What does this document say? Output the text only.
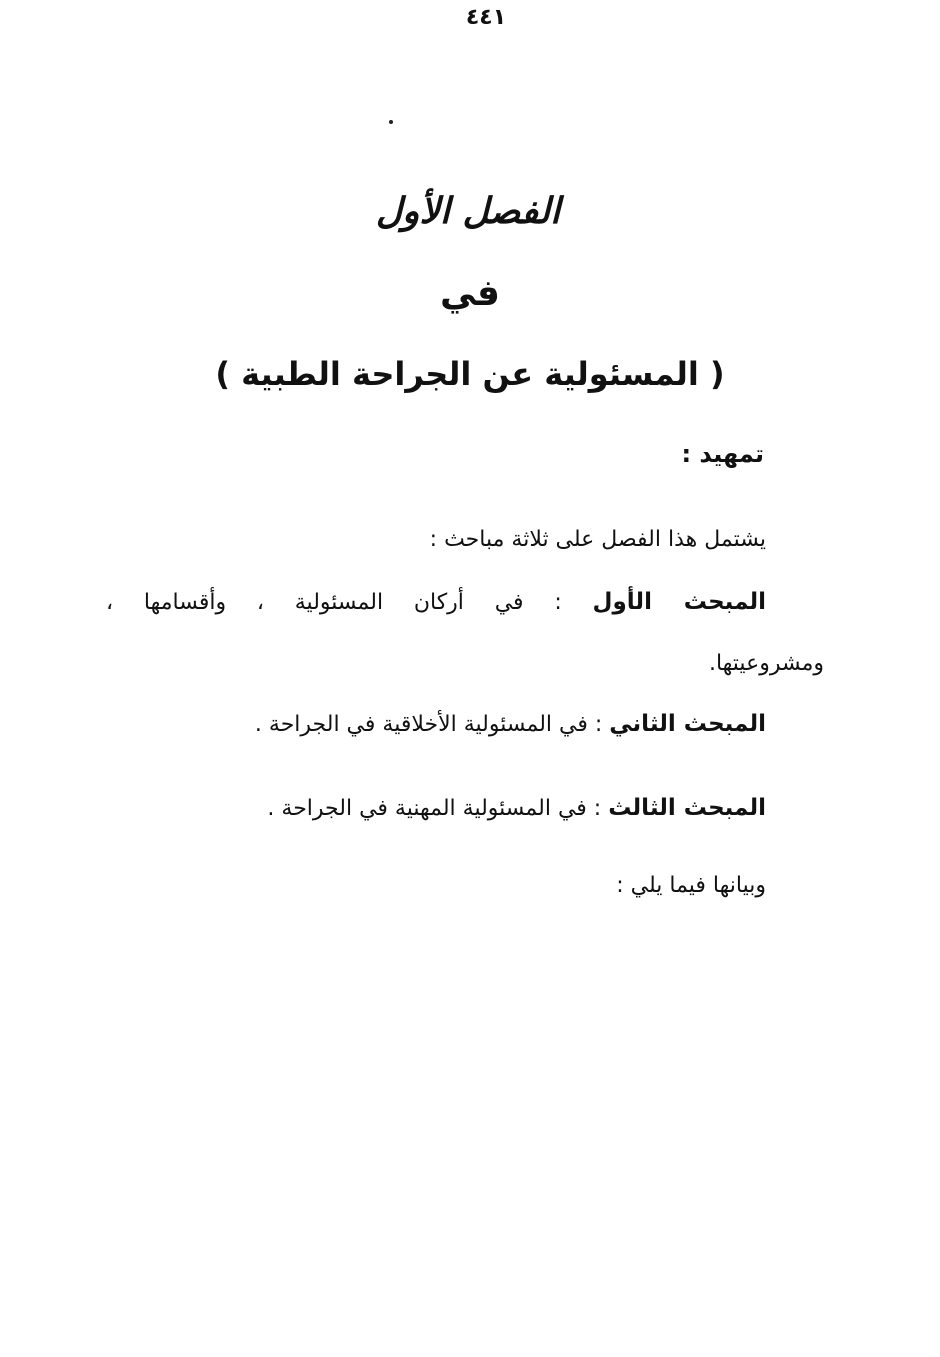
الفصل الأول
في
( المسئولية عن الجراحة الطبية )
تمهيد :
يشتمل هذا الفصل على ثلاثة مباحث :
المبحث الأول : في أركان المسئولية ، وأقسامها ،
ومشروعيتها.
المبحث الثاني : في المسئولية الأخلاقية في الجراحة .
المبحث الثالث : في المسئولية المهنية في الجراحة .
وبيانها فيما يلي :
٤٤١
